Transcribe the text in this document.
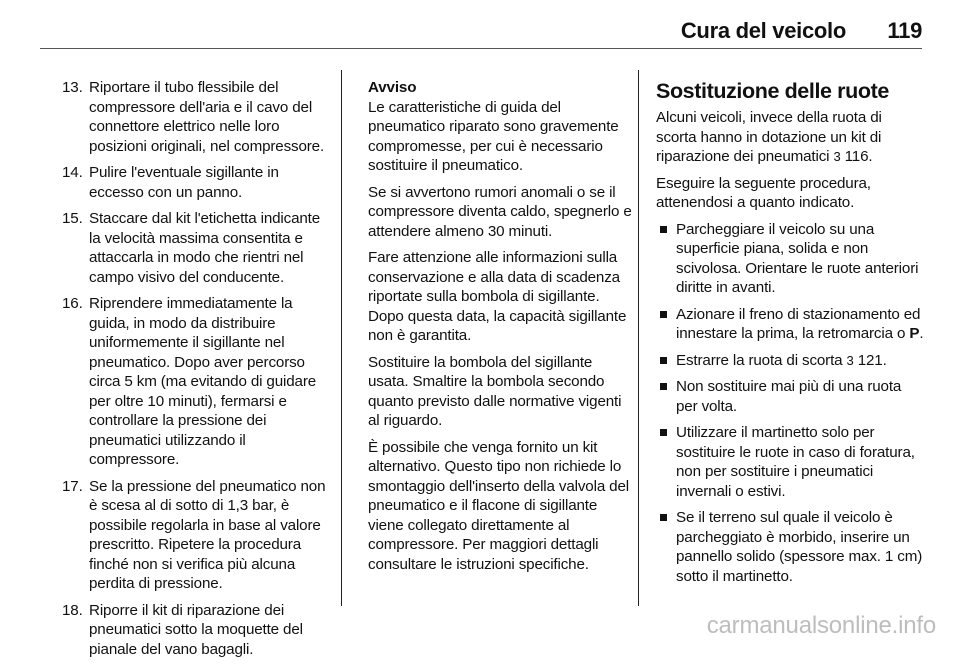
Cura del veicolo 119
13. Riportare il tubo flessibile del compressore dell'aria e il cavo del connettore elettrico nelle loro posizioni originali, nel compressore.
14. Pulire l'eventuale sigillante in eccesso con un panno.
15. Staccare dal kit l'etichetta indicante la velocità massima consentita e attaccarla in modo che rientri nel campo visivo del conducente.
16. Riprendere immediatamente la guida, in modo da distribuire uniformemente il sigillante nel pneumatico. Dopo aver percorso circa 5 km (ma evitando di guidare per oltre 10 minuti), fermarsi e controllare la pressione dei pneumatici utilizzando il compressore.
17. Se la pressione del pneumatico non è scesa al di sotto di 1,3 bar, è possibile regolarla in base al valore prescritto. Ripetere la procedura finché non si verifica più alcuna perdita di pressione.
18. Riporre il kit di riparazione dei pneumatici sotto la moquette del pianale del vano bagagli.

Avviso

Le caratteristiche di guida del pneumatico riparato sono gravemente compromesse, per cui è necessario sostituire il pneumatico.

Se si avvertono rumori anomali o se il compressore diventa caldo, spegnerlo e attendere almeno 30 minuti.

Fare attenzione alle informazioni sulla conservazione e alla data di scadenza riportate sulla bombola di sigillante. Dopo questa data, la capacità sigillante non è garantita.

Sostituire la bombola del sigillante usata. Smaltire la bombola secondo quanto previsto dalle normative vigenti al riguardo.

È possibile che venga fornito un kit alternativo. Questo tipo non richiede lo smontaggio dell'inserto della valvola del pneumatico e il flacone di sigillante viene collegato direttamente al compressore. Per maggiori dettagli consultare le istruzioni specifiche.

Sostituzione delle ruote

Alcuni veicoli, invece della ruota di scorta hanno in dotazione un kit di riparazione dei pneumatici 3 116.

Eseguire la seguente procedura, attenendosi a quanto indicato.

Parcheggiare il veicolo su una superficie piana, solida e non scivolosa. Orientare le ruote anteriori diritte in avanti.
Azionare il freno di stazionamento ed innestare la prima, la retromarcia o P.
Estrarre la ruota di scorta 3 121.
Non sostituire mai più di una ruota per volta.
Utilizzare il martinetto solo per sostituire le ruote in caso di foratura, non per sostituire i pneumatici invernali o estivi.
Se il terreno sul quale il veicolo è parcheggiato è morbido, inserire un pannello solido (spessore max. 1 cm) sotto il martinetto.
carmanualsonline.info
